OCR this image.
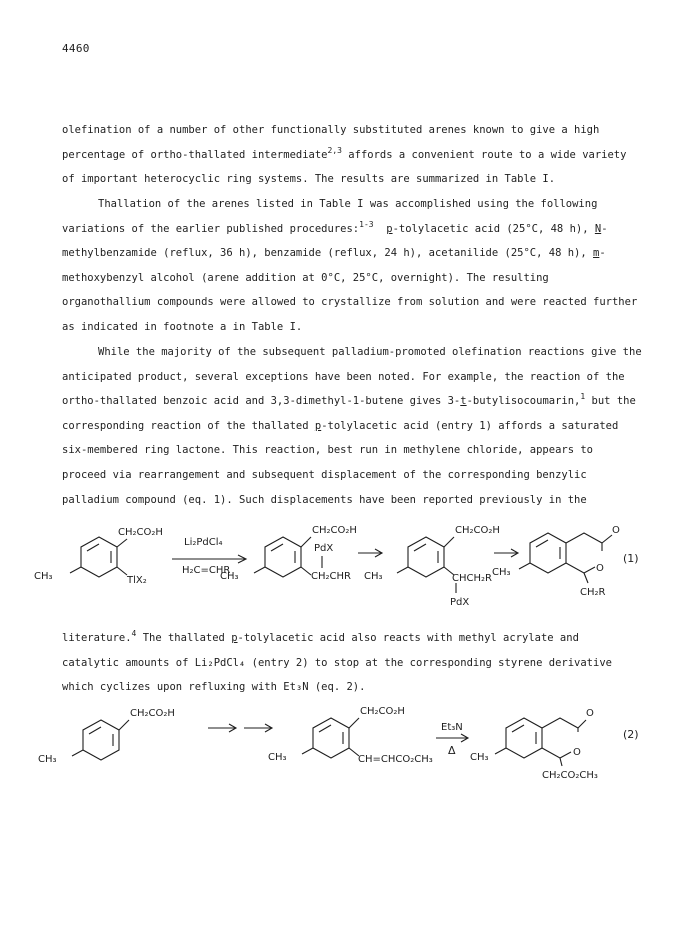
4460
olefination of a number of other functionally substituted arenes known to give a high
percentage of ortho-thallated intermediate$^{2,3}$ affords a convenient route to a wide variety
of important heterocyclic ring systems. The results are summarized in Table I.
Thallation of the arenes listed in Table I was accomplished using the following
variations of the earlier published procedures:$^{1-3}$ p-tolylacetic acid (25°C, 48 h), N-
methylbenzamide (reflux, 36 h), benzamide (reflux, 24 h), acetanilide (25°C, 48 h), m-
methoxybenzyl alcohol (arene addition at 0°C, 25°C, overnight). The resulting
organothallium compounds were allowed to crystallize from solution and were reacted further
as indicated in footnote a in Table I.
While the majority of the subsequent palladium-promoted olefination reactions give the
anticipated product, several exceptions have been noted. For example, the reaction of the
ortho-thallated benzoic acid and 3,3-dimethyl-1-butene gives 3-t-butylisocoumarin,$^1$ but the
corresponding reaction of the thallated p-tolylacetic acid (entry 1) affords a saturated
six-membered ring lactone. This reaction, best run in methylene chloride, appears to
proceed via rearrangement and subsequent displacement of the corresponding benzylic
palladium compound (eq. 1). Such displacements have been reported previously in the
CH₂CO₂H
CH₃	TlX₂
Li₂PdCl₄
H₂C=CHR
CH₂CO₂H
PdX
CH₃	CH₂CHR
CH₂CO₂H
CH₃	CHCH₂R
PdX
O
O
CH₃
CH₂R
(1)
literature.$^4$ The thallated p-tolylacetic acid also reacts with methyl acrylate and
catalytic amounts of Li₂PdCl₄ (entry 2) to stop at the corresponding styrene derivative
which cyclizes upon refluxing with Et₃N (eq. 2).
CH₂CO₂H
CH₃
CH₂CO₂H
CH₃	CH=CHCO₂CH₃
Et₃N
Δ
O
O
CH₃
CH₂CO₂CH₃
(2)
